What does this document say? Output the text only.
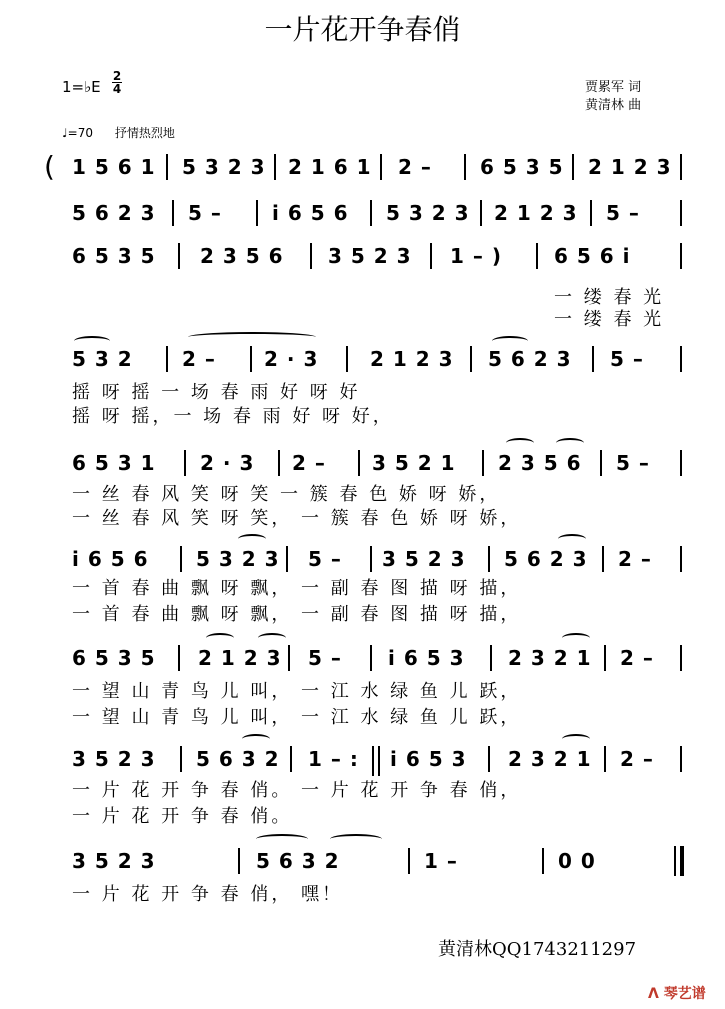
一片花开争春俏
1=♭E
2
4	贾累军 词
黄清林 曲
♩=70 抒情热烈地
( 1 5 6 1 5 3 2 3 2 1 6 1 2 – 6 5 3 5 2 1 2 3
5 6 2 3 5 –	i 6 5 6 5 3 2 3 2 1 2 3 5 –
6 5 3 5 2 3 5 6 3 5 2 3 1 – )	6 5 6 i
一 缕 春 光
一 缕 春 光
5 3 2 2 – 2 · 3	2 1 2 3 5 6 2 3 5 –
摇 呀 摇 一 场 春 雨 好 呀 好
摇 呀 摇，一 场 春 雨 好 呀 好，
6 5 3 1 2 · 3 2 – 3 5 2 1 2 3 5 6 5 –
一 丝 春 风 笑 呀 笑 一 簇 春 色 娇 呀 娇，
一 丝 春 风 笑 呀 笑， 一 簇 春 色 娇 呀 娇，
i 6 5 6 5 3 2 3 5 – 3 5 2 3 5 6 2 3 2 –
一 首 春 曲 飘 呀 飘， 一 副 春 图 描 呀 描，
一 首 春 曲 飘 呀 飘， 一 副 春 图 描 呀 描，
6 5 3 5 2 1 2 3 5 – i 6 5 3 2 3 2 1 2 –
一 望 山 青 鸟 儿 叫， 一 江 水 绿 鱼 儿 跃，
一 望 山 青 鸟 儿 叫， 一 江 水 绿 鱼 儿 跃，
3 5 2 3 5 6 3 2 1 – : i 6 5 3 2 3 2 1 2 –
一 片 花 开 争 春 俏。 一 片 花 开 争 春 俏，
一 片 花 开 争 春 俏。
3 5 2 3	5 6 3 2	1 –	0 0
一 片 花 开 争 春 俏， 嘿！
黄清林QQ1743211297
ᐱ 琴艺谱
